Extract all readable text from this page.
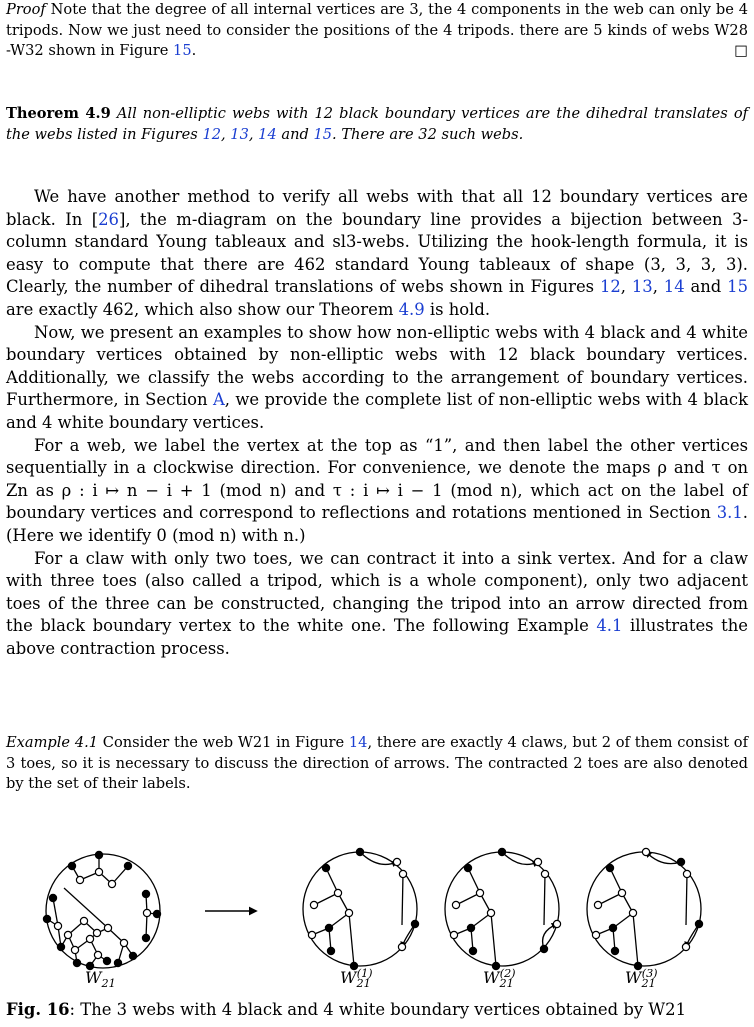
Proof Note that the degree of all internal vertices are 3, the 4 components in the web can only be 4 tripods. Now we just need to consider the positions of the 4 tripods. there are 5 kinds of webs W28 -W32 shown in Figure 15.	□

Theorem 4.9 All non-elliptic webs with 12 black boundary vertices are the dihedral translates of the webs listed in Figures 12, 13, 14 and 15. There are 32 such webs.

We have another method to verify all webs with that all 12 boundary vertices are black. In [26], the m-diagram on the boundary line provides a bijection between 3-column standard Young tableaux and sl3-webs. Utilizing the hook-length formula, it is easy to compute that there are 462 standard Young tableaux of shape (3, 3, 3, 3). Clearly, the number of dihedral translations of webs shown in Figures 12, 13, 14 and 15 are exactly 462, which also show our Theorem 4.9 is hold.

Now, we present an examples to show how non-elliptic webs with 4 black and 4 white boundary vertices obtained by non-elliptic webs with 12 black boundary vertices. Additionally, we classify the webs according to the arrangement of boundary vertices. Furthermore, in Section A, we provide the complete list of non-elliptic webs with 4 black and 4 white boundary vertices.

For a web, we label the vertex at the top as “1”, and then label the other vertices sequentially in a clockwise direction. For convenience, we denote the maps ρ and τ on Zn as ρ : i ↦ n − i + 1 (mod n) and τ : i ↦ i − 1 (mod n), which act on the label of boundary vertices and correspond to reflections and rotations mentioned in Section 3.1. (Here we identify 0 (mod n) with n.)

For a claw with only two toes, we can contract it into a sink vertex. And for a claw with three toes (also called a tripod, which is a whole component), only two adjacent toes of the three can be constructed, changing the tripod into an arrow directed from the black boundary vertex to the white one. The following Example 4.1 illustrates the above contraction process.

Example 4.1 Consider the web W21 in Figure 14, there are exactly 4 claws, but 2 of them consist of 3 toes, so it is necessary to discuss the direction of arrows. The contracted 2 toes are also denoted by the set of their labels.

$W_{21}$	$W_{21}^{(1)}$	$W_{21}^{(2)}$	$W_{21}^{(3)}$
Fig. 16: The 3 webs with 4 black and 4 white boundary vertices obtained by W21
